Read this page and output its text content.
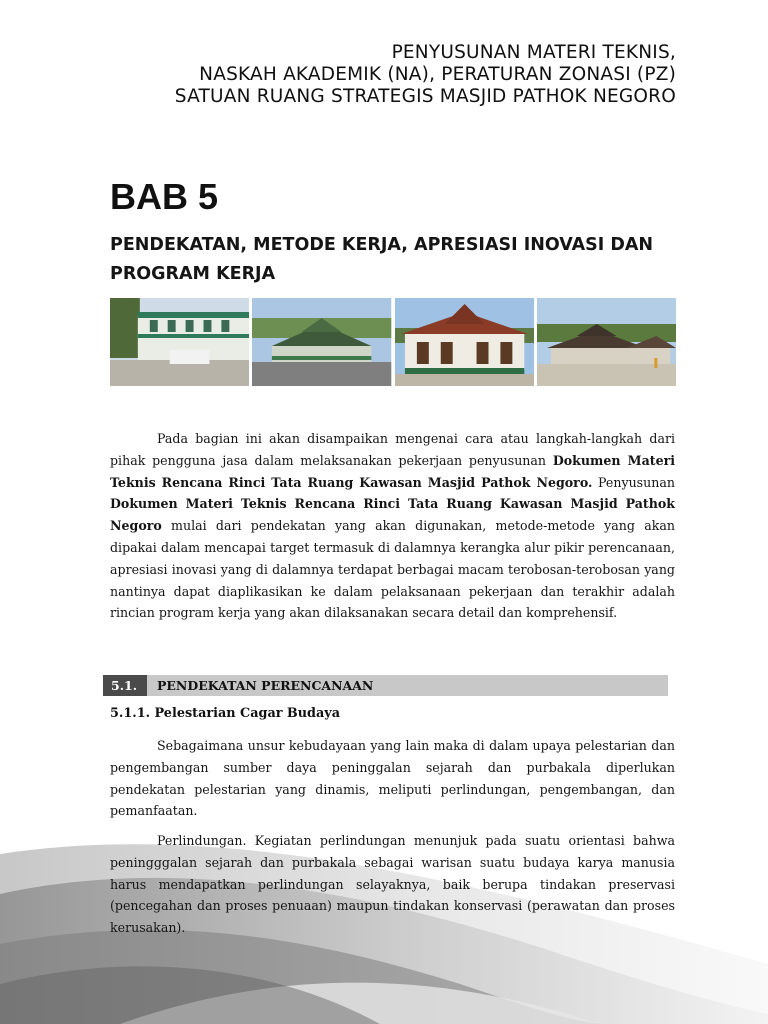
PENYUSUNAN MATERI TEKNIS,
NASKAH AKADEMIK (NA), PERATURAN ZONASI (PZ)
SATUAN RUANG STRATEGIS MASJID PATHOK NEGORO
BAB 5
PENDEKATAN, METODE KERJA, APRESIASI INOVASI DAN PROGRAM KERJA
Pada bagian ini akan disampaikan mengenai cara atau langkah-langkah dari pihak pengguna jasa dalam melaksanakan pekerjaan penyusunan Dokumen Materi Teknis Rencana Rinci Tata Ruang Kawasan Masjid Pathok Negoro. Penyusunan Dokumen Materi Teknis Rencana Rinci Tata Ruang Kawasan Masjid Pathok Negoro mulai dari pendekatan yang akan digunakan, metode-metode yang akan dipakai dalam mencapai target termasuk di dalamnya kerangka alur pikir perencanaan, apresiasi inovasi yang di dalamnya terdapat berbagai macam terobosan-terobosan yang nantinya dapat diaplikasikan ke dalam pelaksanaan pekerjaan dan terakhir adalah rincian program kerja yang akan dilaksanakan secara detail dan komprehensif.
5.1.	PENDEKATAN PERENCANAAN
5.1.1. Pelestarian Cagar Budaya
Sebagaimana unsur kebudayaan yang lain maka di dalam upaya pelestarian dan pengembangan sumber daya peninggalan sejarah dan purbakala diperlukan pendekatan pelestarian yang dinamis, meliputi perlindungan, pengembangan, dan pemanfaatan.
Perlindungan. Kegiatan perlindungan menunjuk pada suatu orientasi bahwa peningggalan sejarah dan purbakala sebagai warisan suatu budaya karya manusia harus mendapatkan perlindungan selayaknya, baik berupa tindakan preservasi (pencegahan dan proses penuaan) maupun tindakan konservasi (perawatan dan proses kerusakan).
